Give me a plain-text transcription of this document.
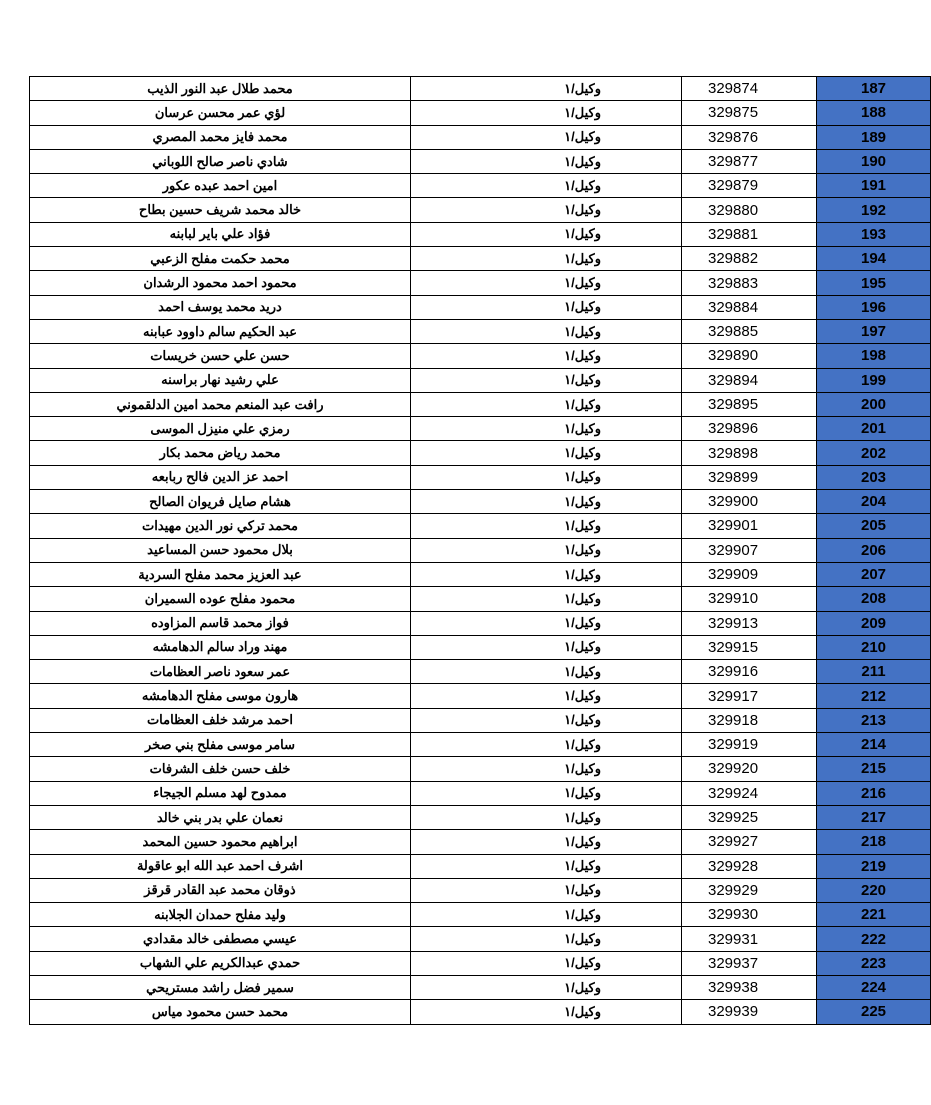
محمد طلال عبد النور الذيب	وكيل/١	329874	187
لؤي عمر محسن عرسان	وكيل/١	329875	188
محمد فايز محمد المصري	وكيل/١	329876	189
شادي ناصر صالح اللوباني	وكيل/١	329877	190
امين احمد عبده عكور	وكيل/١	329879	191
خالد محمد شريف حسين بطاح	وكيل/١	329880	192
فؤاد علي باير لبابنه	وكيل/١	329881	193
محمد حكمت مفلح الزعبي	وكيل/١	329882	194
محمود احمد محمود الرشدان	وكيل/١	329883	195
دريد محمد يوسف احمد	وكيل/١	329884	196
عبد الحكيم سالم داوود عبابنه	وكيل/١	329885	197
حسن علي حسن خريسات	وكيل/١	329890	198
علي رشيد نهار براسنه	وكيل/١	329894	199
رافت عبد المنعم محمد امين الدلقموني	وكيل/١	329895	200
رمزي علي منيزل الموسى	وكيل/١	329896	201
محمد رياض محمد بكار	وكيل/١	329898	202
احمد عز الدين فالح ربابعه	وكيل/١	329899	203
هشام صايل فريوان الصالح	وكيل/١	329900	204
محمد تركي نور الدين مهيدات	وكيل/١	329901	205
بلال محمود حسن المساعيد	وكيل/١	329907	206
عبد العزيز محمد مفلح السردية	وكيل/١	329909	207
محمود مفلح عوده السميران	وكيل/١	329910	208
فواز محمد قاسم المزاوده	وكيل/١	329913	209
مهند وراد سالم الدهامشه	وكيل/١	329915	210
عمر سعود ناصر العظامات	وكيل/١	329916	211
هارون موسى مفلح الدهامشه	وكيل/١	329917	212
احمد مرشد خلف العظامات	وكيل/١	329918	213
سامر موسى مفلح بني صخر	وكيل/١	329919	214
خلف حسن خلف الشرفات	وكيل/١	329920	215
ممدوح لهد مسلم الجيجاء	وكيل/١	329924	216
نعمان علي بدر بني خالد	وكيل/١	329925	217
ابراهيم محمود حسين المحمد	وكيل/١	329927	218
اشرف احمد عبد الله ابو عاقولة	وكيل/١	329928	219
ذوقان محمد عبد القادر قرقز	وكيل/١	329929	220
وليد مفلح حمدان الجلابنه	وكيل/١	329930	221
عيسي مصطفى خالد مقدادي	وكيل/١	329931	222
حمدي عبدالكريم علي الشهاب	وكيل/١	329937	223
سمير فضل راشد مستريحي	وكيل/١	329938	224
محمد حسن محمود مياس	وكيل/١	329939	225
